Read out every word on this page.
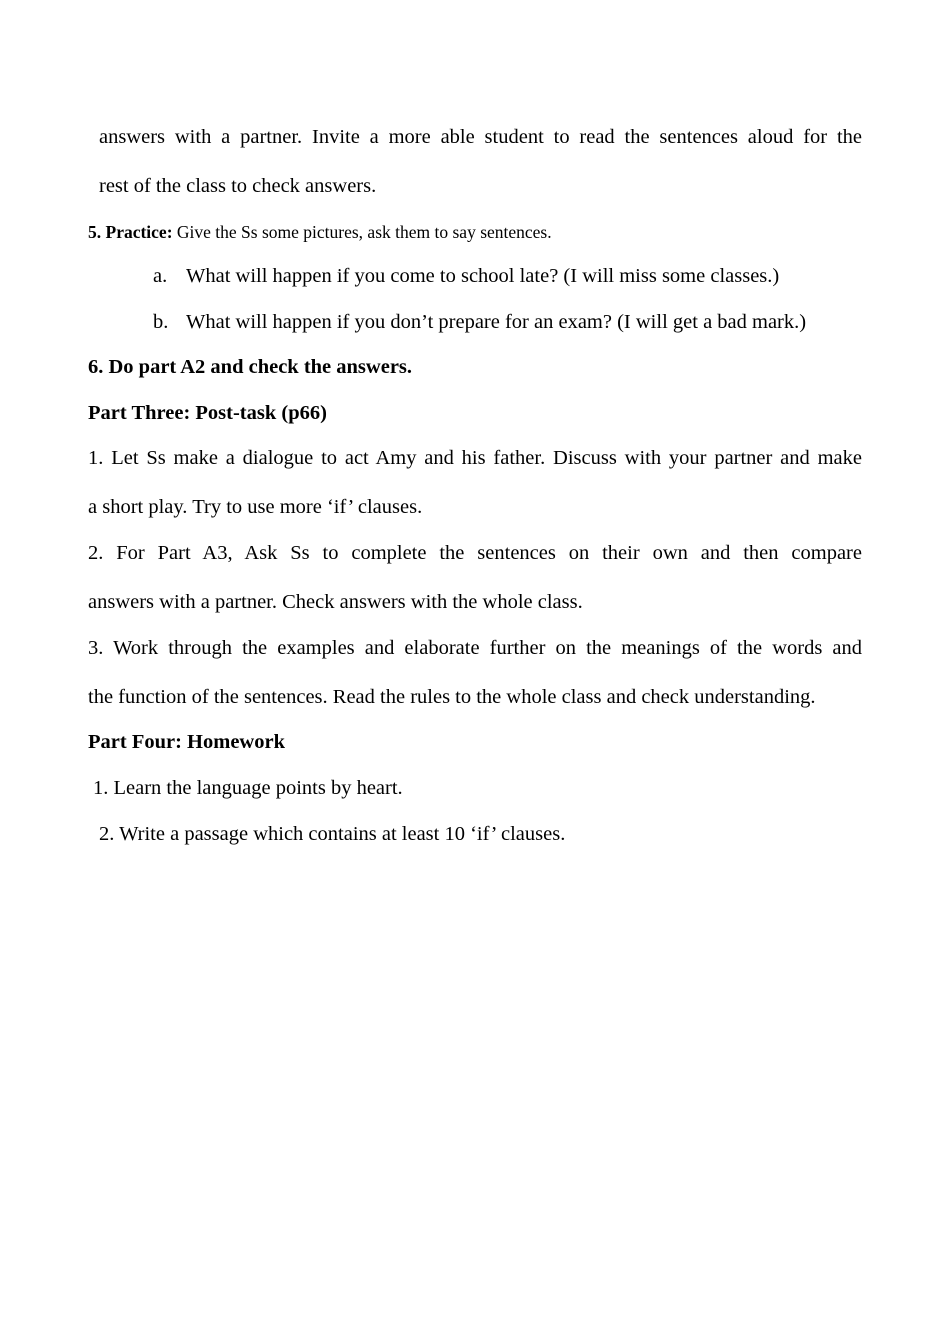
answers with a partner. Invite a more able student to read the sentences aloud for the
rest of the class to check answers.
5. Practice: Give the Ss some pictures, ask them to say sentences.
a. What will happen if you come to school late? (I will miss some classes.)
b. What will happen if you don’t prepare for an exam? (I will get a bad mark.)
6. Do part A2 and check the answers.
Part Three: Post-task (p66)
1. Let Ss make a dialogue to act Amy and his father. Discuss with your partner and make
a short play. Try to use more ‘if’ clauses.
2. For Part A3, Ask Ss to complete the sentences on their own and then compare
answers with a partner. Check answers with the whole class.
3. Work through the examples and elaborate further on the meanings of the words and
the function of the sentences. Read the rules to the whole class and check understanding.
Part Four: Homework
1. Learn the language points by heart.
2. Write a passage which contains at least 10 ‘if’ clauses.
